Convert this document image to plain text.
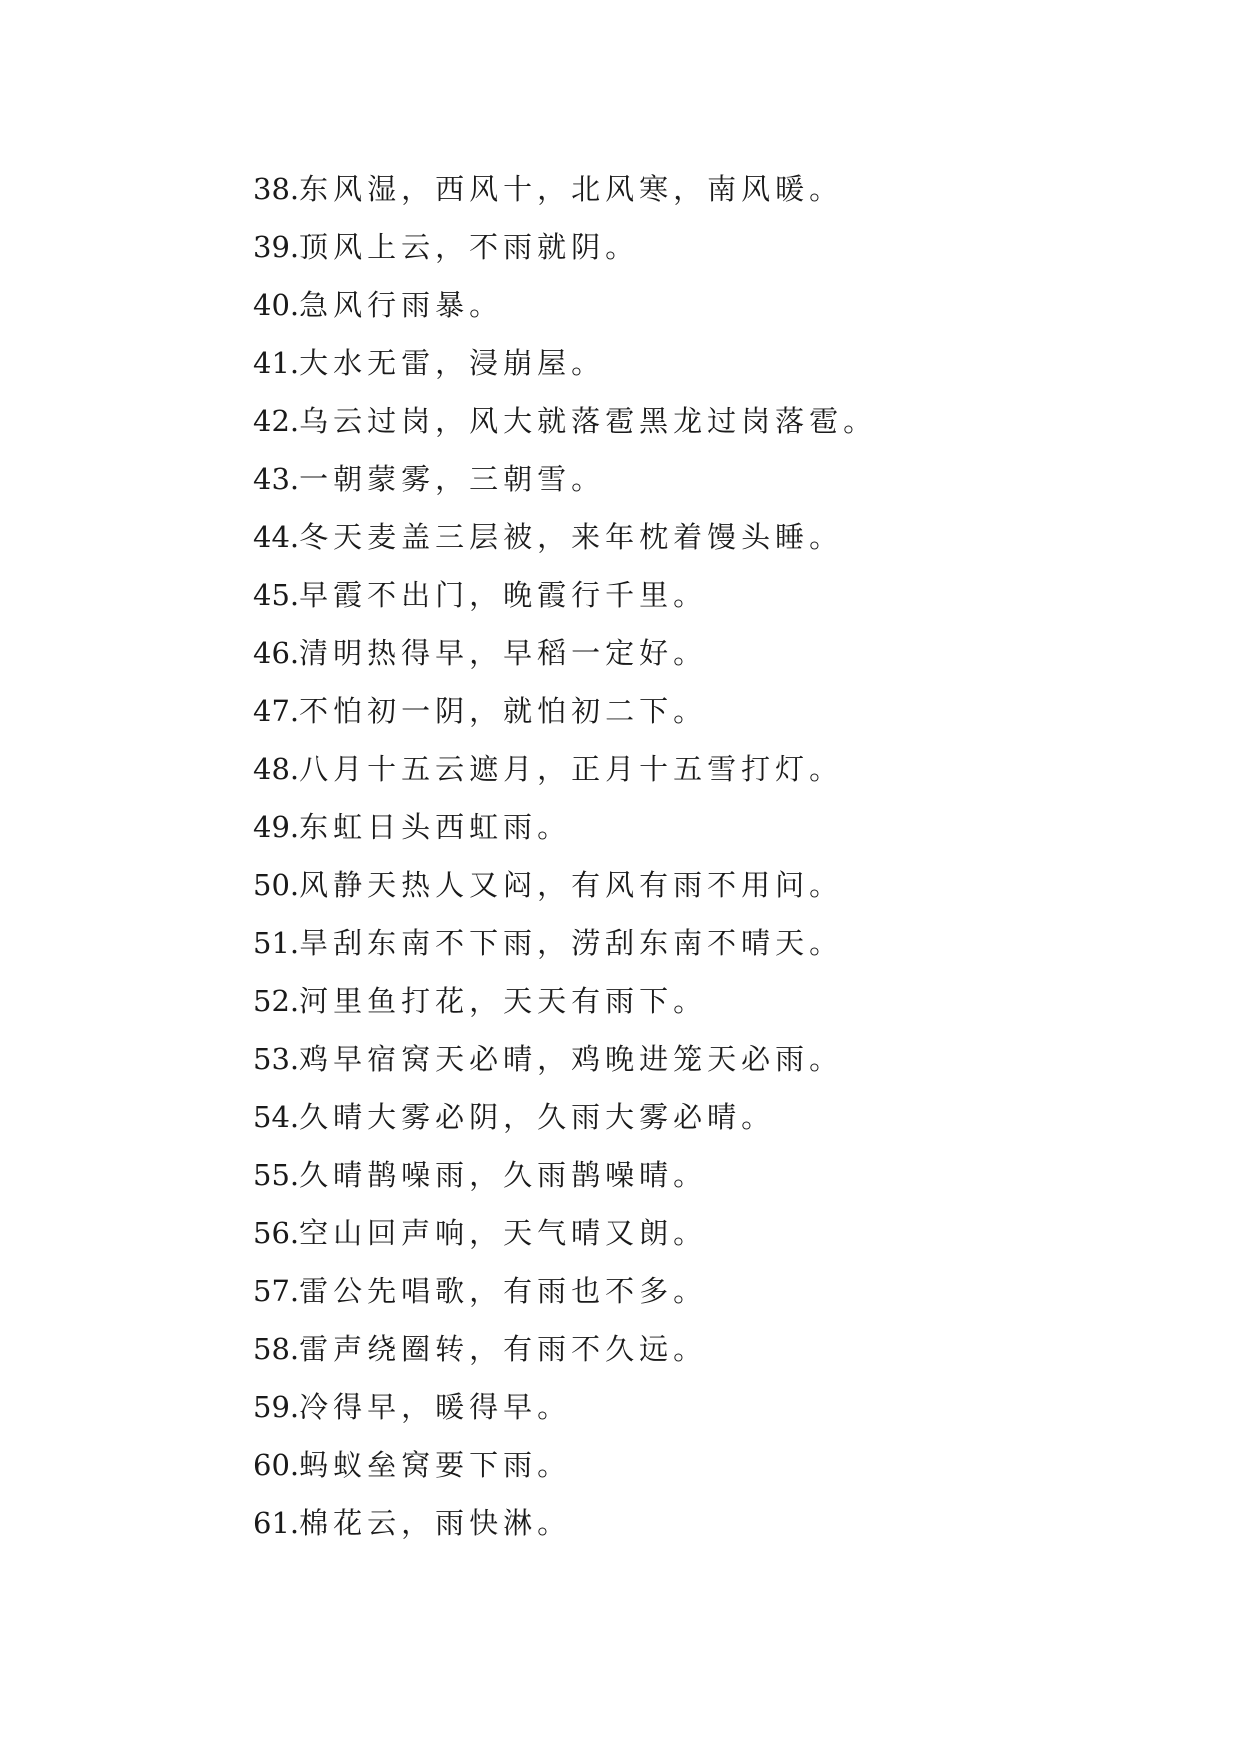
38.东风湿，西风十，北风寒，南风暖。
39.顶风上云，不雨就阴。
40.急风行雨暴。
41.大水无雷，浸崩屋。
42.乌云过岗，风大就落雹黑龙过岗落雹。
43.一朝蒙雾，三朝雪。
44.冬天麦盖三层被，来年枕着馒头睡。
45.早霞不出门，晚霞行千里。
46.清明热得早，早稻一定好。
47.不怕初一阴，就怕初二下。
48.八月十五云遮月，正月十五雪打灯。
49.东虹日头西虹雨。
50.风静天热人又闷，有风有雨不用问。
51.旱刮东南不下雨，涝刮东南不晴天。
52.河里鱼打花，天天有雨下。
53.鸡早宿窝天必晴，鸡晚进笼天必雨。
54.久晴大雾必阴，久雨大雾必晴。
55.久晴鹊噪雨，久雨鹊噪晴。
56.空山回声响，天气晴又朗。
57.雷公先唱歌，有雨也不多。
58.雷声绕圈转，有雨不久远。
59.冷得早，暖得早。
60.蚂蚁垒窝要下雨。
61.棉花云，雨快淋。
